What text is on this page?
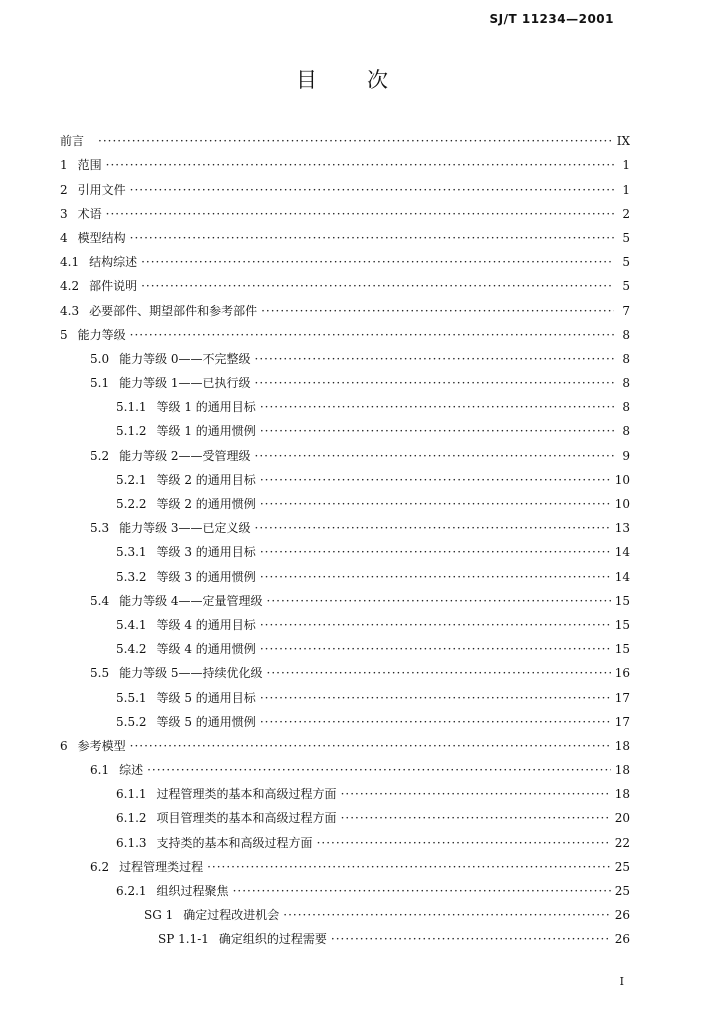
SJ/T 11234—2001
目 次
前言 ·····	IX
1 范围 ·····	1
2 引用文件 ·····	1
3 术语 ·····	2
4 模型结构 ·····	5
4.1 结构综述 ·····	5
4.2 部件说明 ·····	5
4.3 必要部件、期望部件和参考部件 ·····	7
5 能力等级 ·····	8
5.0 能力等级 0——不完整级 ·····	8
5.1 能力等级 1——已执行级 ·····	8
5.1.1 等级 1 的通用目标 ·····	8
5.1.2 等级 1 的通用惯例 ·····	8
5.2 能力等级 2——受管理级 ·····	9
5.2.1 等级 2 的通用目标 ·····	10
5.2.2 等级 2 的通用惯例 ·····	10
5.3 能力等级 3——已定义级 ·····	13
5.3.1 等级 3 的通用目标 ·····	14
5.3.2 等级 3 的通用惯例 ·····	14
5.4 能力等级 4——定量管理级 ·····	15
5.4.1 等级 4 的通用目标 ·····	15
5.4.2 等级 4 的通用惯例 ·····	15
5.5 能力等级 5——持续优化级 ·····	16
5.5.1 等级 5 的通用目标 ·····	17
5.5.2 等级 5 的通用惯例 ·····	17
6 参考模型 ·····	18
6.1 综述 ·····	18
6.1.1 过程管理类的基本和高级过程方面 ·····	18
6.1.2 项目管理类的基本和高级过程方面 ·····	20
6.1.3 支持类的基本和高级过程方面 ·····	22
6.2 过程管理类过程 ·····	25
6.2.1 组织过程聚焦 ·····	25
SG 1 确定过程改进机会 ·····	26
SP 1.1-1 确定组织的过程需要 ·····	26
I
